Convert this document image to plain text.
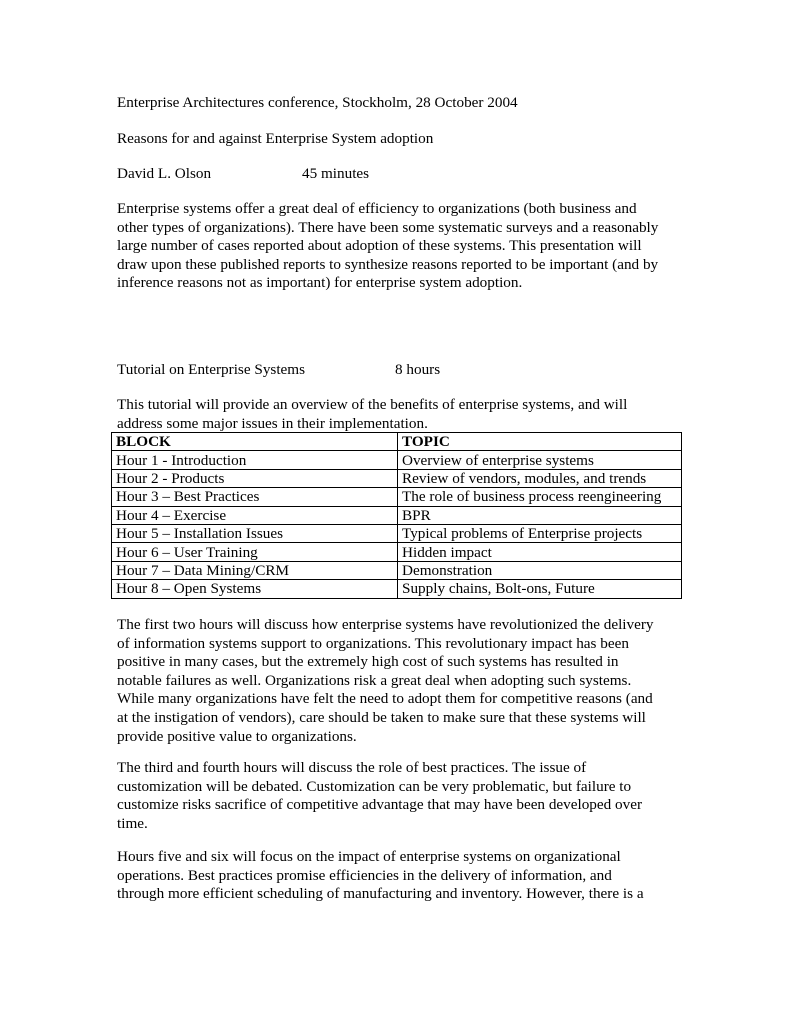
Enterprise Architectures conference, Stockholm, 28 October 2004
Reasons for and against Enterprise System adoption
David L. Olson	45 minutes
Enterprise systems offer a great deal of efficiency to organizations (both business and
other types of organizations). There have been some systematic surveys and a reasonably
large number of cases reported about adoption of these systems. This presentation will
draw upon these published reports to synthesize reasons reported to be important (and by
inference reasons not as important) for enterprise system adoption.
Tutorial on Enterprise Systems	8 hours
This tutorial will provide an overview of the benefits of enterprise systems, and will
address some major issues in their implementation.
BLOCK	TOPIC
Hour 1 - Introduction	Overview of enterprise systems
Hour 2 - Products	Review of vendors, modules, and trends
Hour 3 – Best Practices	The role of business process reengineering
Hour 4 – Exercise	BPR
Hour 5 – Installation Issues	Typical problems of Enterprise projects
Hour 6 – User Training	Hidden impact
Hour 7 – Data Mining/CRM	Demonstration
Hour 8 – Open Systems	Supply chains, Bolt-ons, Future
The first two hours will discuss how enterprise systems have revolutionized the delivery
of information systems support to organizations. This revolutionary impact has been
positive in many cases, but the extremely high cost of such systems has resulted in
notable failures as well. Organizations risk a great deal when adopting such systems.
While many organizations have felt the need to adopt them for competitive reasons (and
at the instigation of vendors), care should be taken to make sure that these systems will
provide positive value to organizations.
The third and fourth hours will discuss the role of best practices. The issue of
customization will be debated. Customization can be very problematic, but failure to
customize risks sacrifice of competitive advantage that may have been developed over
time.
Hours five and six will focus on the impact of enterprise systems on organizational
operations. Best practices promise efficiencies in the delivery of information, and
through more efficient scheduling of manufacturing and inventory. However, there is a
